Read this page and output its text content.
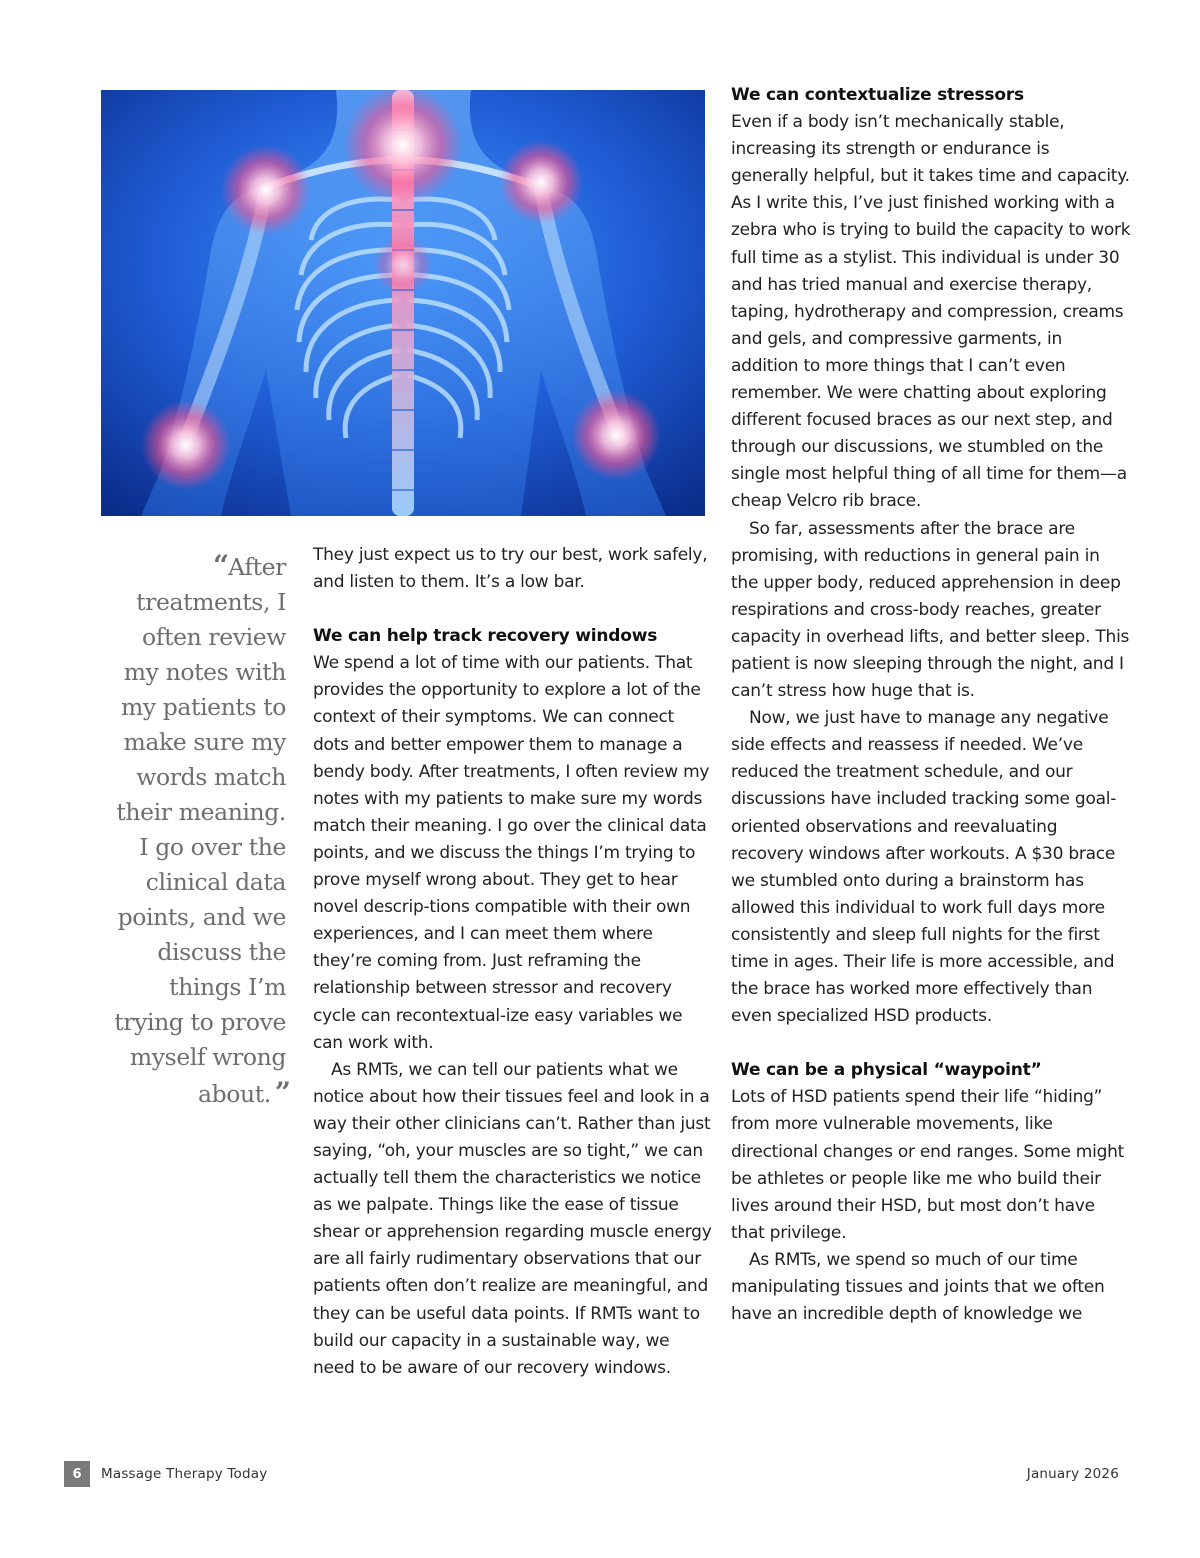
“ After treatments, I often review my notes with my patients to make sure my words match their meaning. I go over the clinical data points, and we discuss the things I’m trying to prove myself wrong about. ”

They just expect us to try our best, work safely, and listen to them. It’s a low bar.

We can help track recovery windows

We spend a lot of time with our patients. That provides the opportunity to explore a lot of the context of their symptoms. We can connect dots and better empower them to manage a bendy body. After treatments, I often review my notes with my patients to make sure my words match their meaning. I go over the clinical data points, and we discuss the things I’m trying to prove myself wrong about. They get to hear novel descrip-tions compatible with their own experiences, and I can meet them where they’re coming from. Just reframing the relationship between stressor and recovery cycle can recontextual-ize easy variables we can work with.

As RMTs, we can tell our patients what we notice about how their tissues feel and look in a way their other clinicians can’t. Rather than just saying, “oh, your muscles are so tight,” we can actually tell them the characteristics we notice as we palpate. Things like the ease of tissue shear or apprehension regarding muscle energy are all fairly rudimentary observations that our patients often don’t realize are meaningful, and they can be useful data points. If RMTs want to build our capacity in a sustainable way, we need to be aware of our recovery windows.

We can contextualize stressors

Even if a body isn’t mechanically stable, increasing its strength or endurance is generally helpful, but it takes time and capacity. As I write this, I’ve just finished working with a zebra who is trying to build the capacity to work full time as a stylist. This individual is under 30 and has tried manual and exercise therapy, taping, hydrotherapy and compression, creams and gels, and compressive garments, in addition to more things that I can’t even remember. We were chatting about exploring different focused braces as our next step, and through our discussions, we stumbled on the single most helpful thing of all time for them—a cheap Velcro rib brace.

So far, assessments after the brace are promising, with reductions in general pain in the upper body, reduced apprehension in deep respirations and cross-body reaches, greater capacity in overhead lifts, and better sleep. This patient is now sleeping through the night, and I can’t stress how huge that is.

Now, we just have to manage any negative side effects and reassess if needed. We’ve reduced the treatment schedule, and our discussions have included tracking some goal-oriented observations and reevaluating recovery windows after workouts. A $30 brace we stumbled onto during a brainstorm has allowed this individual to work full days more consistently and sleep full nights for the first time in ages. Their life is more accessible, and the brace has worked more effectively than even specialized HSD products.

We can be a physical “waypoint”

Lots of HSD patients spend their life “hiding” from more vulnerable movements, like directional changes or end ranges. Some might be athletes or people like me who build their lives around their HSD, but most don’t have that privilege.

As RMTs, we spend so much of our time manipulating tissues and joints that we often have an incredible depth of knowledge we

6	Massage Therapy Today	January 2026
